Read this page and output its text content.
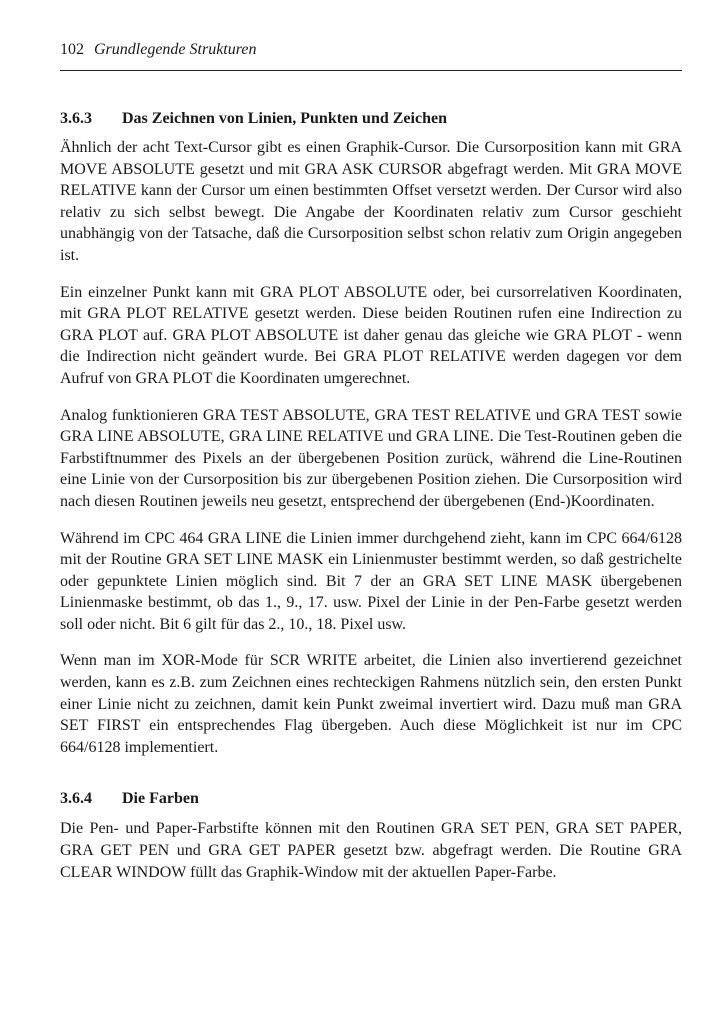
102 Grundlegende Strukturen
3.6.3 Das Zeichnen von Linien, Punkten und Zeichen

Ähnlich der acht Text-Cursor gibt es einen Graphik-Cursor. Die Cursorposition kann mit GRA MOVE ABSOLUTE gesetzt und mit GRA ASK CURSOR abgefragt werden. Mit GRA MOVE RELATIVE kann der Cursor um einen bestimmten Offset versetzt werden. Der Cursor wird also relativ zu sich selbst bewegt. Die Angabe der Koordinaten relativ zum Cursor geschieht unabhängig von der Tatsache, daß die Cursorposition selbst schon relativ zum Origin angegeben ist.

Ein einzelner Punkt kann mit GRA PLOT ABSOLUTE oder, bei cursorrelativen Koordinaten, mit GRA PLOT RELATIVE gesetzt werden. Diese beiden Routinen rufen eine Indirection zu GRA PLOT auf. GRA PLOT ABSOLUTE ist daher genau das gleiche wie GRA PLOT - wenn die Indirection nicht geändert wurde. Bei GRA PLOT RELATIVE werden dagegen vor dem Aufruf von GRA PLOT die Koordinaten umgerechnet.

Analog funktionieren GRA TEST ABSOLUTE, GRA TEST RELATIVE und GRA TEST sowie GRA LINE ABSOLUTE, GRA LINE RELATIVE und GRA LINE. Die Test-Routinen geben die Farbstiftnummer des Pixels an der übergebenen Position zurück, während die Line-Routinen eine Linie von der Cursorposition bis zur übergebenen Position ziehen. Die Cursorposition wird nach diesen Routinen jeweils neu gesetzt, entsprechend der übergebenen (End-)Koordinaten.

Während im CPC 464 GRA LINE die Linien immer durchgehend zieht, kann im CPC 664/6128 mit der Routine GRA SET LINE MASK ein Linienmuster bestimmt werden, so daß gestrichelte oder gepunktete Linien möglich sind. Bit 7 der an GRA SET LINE MASK übergebenen Linienmaske bestimmt, ob das 1., 9., 17. usw. Pixel der Linie in der Pen-Farbe gesetzt werden soll oder nicht. Bit 6 gilt für das 2., 10., 18. Pixel usw.

Wenn man im XOR-Mode für SCR WRITE arbeitet, die Linien also invertierend gezeichnet werden, kann es z.B. zum Zeichnen eines rechteckigen Rahmens nützlich sein, den ersten Punkt einer Linie nicht zu zeichnen, damit kein Punkt zweimal invertiert wird. Dazu muß man GRA SET FIRST ein entsprechendes Flag übergeben. Auch diese Möglichkeit ist nur im CPC 664/6128 implementiert.

3.6.4 Die Farben

Die Pen- und Paper-Farbstifte können mit den Routinen GRA SET PEN, GRA SET PAPER, GRA GET PEN und GRA GET PAPER gesetzt bzw. abgefragt werden. Die Routine GRA CLEAR WINDOW füllt das Graphik-Window mit der aktuellen Paper-Farbe.
